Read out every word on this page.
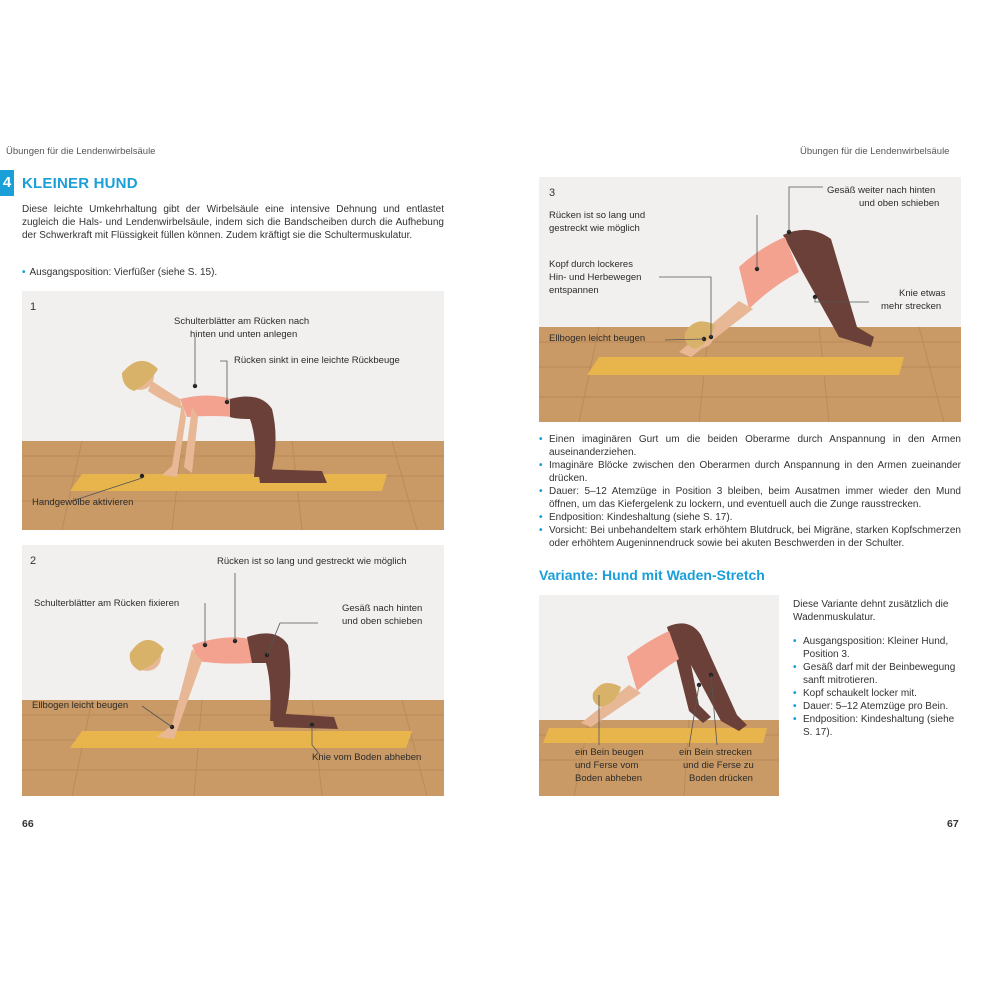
Übungen für die Lendenwirbelsäule
4 KLEINER HUND
Diese leichte Umkehrhaltung gibt der Wirbelsäule eine intensive Dehnung und entlastet zugleich die Hals- und Lendenwirbelsäule, indem sich die Bandscheiben durch die Aufhebung der Schwerkraft mit Flüssigkeit füllen können. Zudem kräftigt sie die Schultermuskulatur.
• Ausgangsposition: Vierfüßer (siehe S. 15).
1
Schulterblätter am Rücken nach
hinten und unten anlegen
Rücken sinkt in eine leichte Rückbeuge
Handgewölbe aktivieren
2	Rücken ist so lang und gestreckt wie möglich
Schulterblätter am Rücken fixieren	Gesäß nach hinten
und oben schieben
Ellbogen leicht beugen
Knie vom Boden abheben
66
Übungen für die Lendenwirbelsäule
3	Gesäß weiter nach hinten
und oben schieben
Rücken ist so lang und
gestreckt wie möglich
Kopf durch lockeres
Hin- und Herbewegen
entspannen	Knie etwas
mehr strecken
Ellbogen leicht beugen
• Einen imaginären Gurt um die beiden Oberarme durch Anspannung in den Armen auseinanderziehen.
• Imaginäre Blöcke zwischen den Oberarmen durch Anspannung in den Armen zueinander drücken.
• Dauer: 5–12 Atemzüge in Position 3 bleiben, beim Ausatmen immer wieder den Mund öffnen, um das Kiefergelenk zu lockern, und eventuell auch die Zunge rausstrecken.
• Endposition: Kindeshaltung (siehe S. 17).
• Vorsicht: Bei unbehandeltem stark erhöhtem Blutdruck, bei Migräne, starken Kopfschmerzen oder erhöhtem Augeninnendruck sowie bei akuten Beschwerden in der Schulter.
Variante: Hund mit Waden-Stretch
ein Bein beugen
und Ferse vom
Boden abheben
ein Bein strecken
und die Ferse zu
Boden drücken
Diese Variante dehnt zusätzlich die Wadenmuskulatur.
• Ausgangsposition: Kleiner Hund, Position 3.
• Gesäß darf mit der Beinbewegung sanft mitrotieren.
• Kopf schaukelt locker mit.
• Dauer: 5–12 Atemzüge pro Bein.
• Endposition: Kindeshaltung (siehe S. 17).
67
